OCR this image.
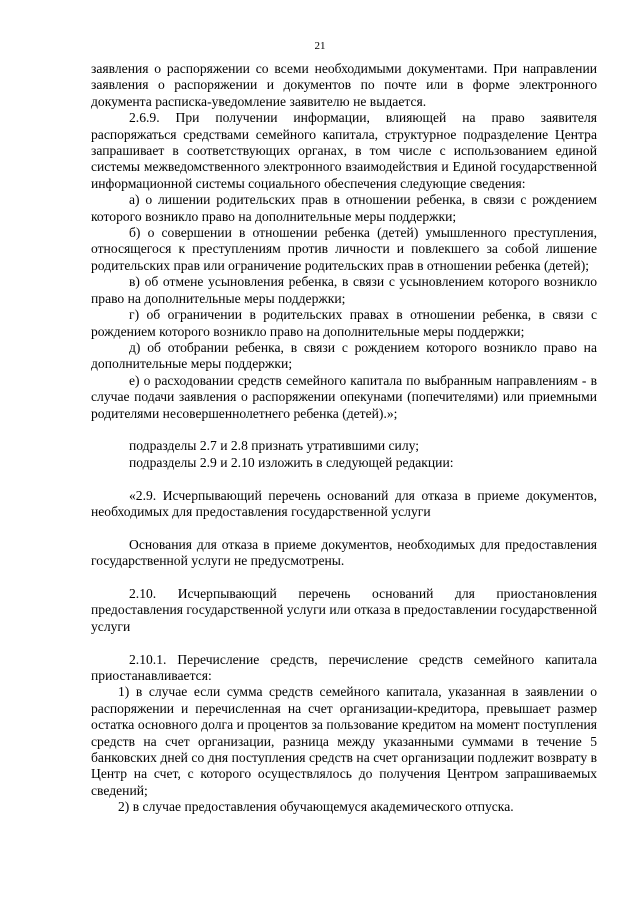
21

заявления о распоряжении со всеми необходимыми документами. При направлении заявления о распоряжении и документов по почте или в форме электронного документа расписка-уведомление заявителю не выдается.

2.6.9. При получении информации, влияющей на право заявителя распоряжаться средствами семейного капитала, структурное подразделение Центра запрашивает в соответствующих органах, в том числе с использованием единой системы межведомственного электронного взаимодействия и Единой государственной информационной системы социального обеспечения следующие сведения:

а) о лишении родительских прав в отношении ребенка, в связи с рождением которого возникло право на дополнительные меры поддержки;

б) о совершении в отношении ребенка (детей) умышленного преступления, относящегося к преступлениям против личности и повлекшего за собой лишение родительских прав или ограничение родительских прав в отношении ребенка (детей);

в) об отмене усыновления ребенка, в связи с усыновлением которого возникло право на дополнительные меры поддержки;

г) об ограничении в родительских правах в отношении ребенка, в связи с рождением которого возникло право на дополнительные меры поддержки;

д) об отобрании ребенка, в связи с рождением которого возникло право на дополнительные меры поддержки;

е) о расходовании средств семейного капитала по выбранным направлениям - в случае подачи заявления о распоряжении опекунами (попечителями) или приемными родителями несовершеннолетнего ребенка (детей).»;

подразделы 2.7 и 2.8 признать утратившими силу;

подразделы 2.9 и 2.10 изложить в следующей редакции:

«2.9. Исчерпывающий перечень оснований для отказа в приеме документов, необходимых для предоставления государственной услуги

Основания для отказа в приеме документов, необходимых для предоставления государственной услуги не предусмотрены.

2.10. Исчерпывающий перечень оснований для приостановления предоставления государственной услуги или отказа в предоставлении государственной услуги

2.10.1. Перечисление средств, перечисление средств семейного капитала приостанавливается:

1) в случае если сумма средств семейного капитала, указанная в заявлении о распоряжении и перечисленная на счет организации-кредитора, превышает размер остатка основного долга и процентов за пользование кредитом на момент поступления средств на счет организации, разница между указанными суммами в течение 5 банковских дней со дня поступления средств на счет организации подлежит возврату в Центр на счет, с которого осуществлялось до получения Центром запрашиваемых сведений;

2) в случае предоставления обучающемуся академического отпуска.
